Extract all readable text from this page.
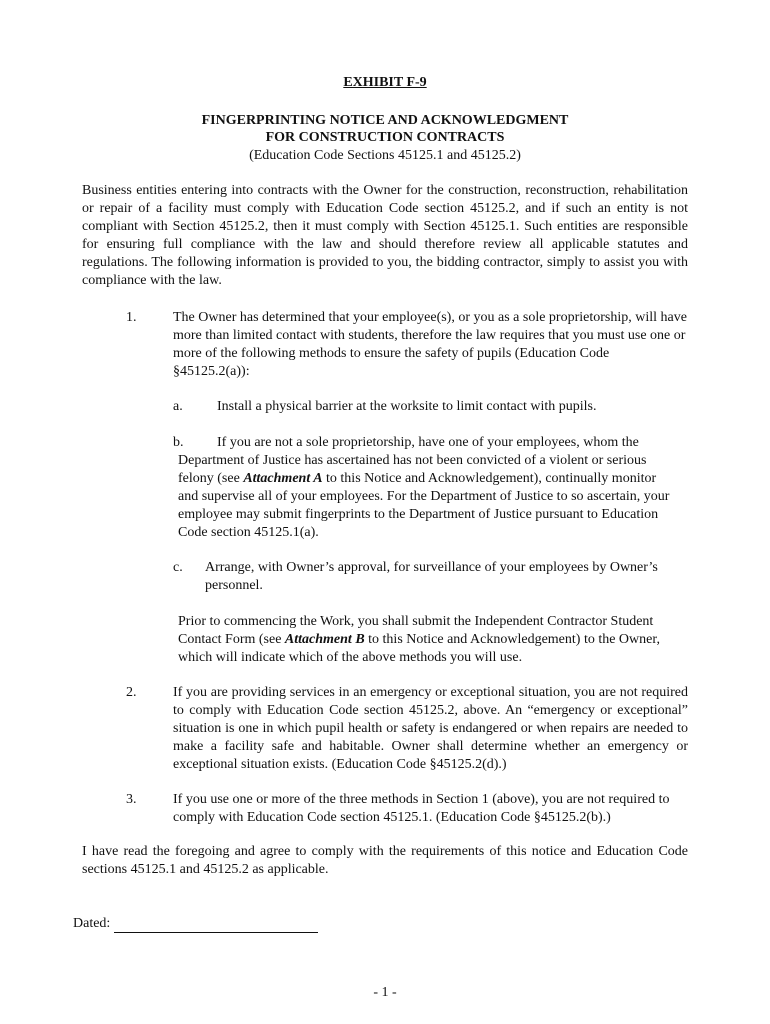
EXHIBIT F-9
FINGERPRINTING NOTICE AND ACKNOWLEDGMENT
FOR CONSTRUCTION CONTRACTS
(Education Code Sections 45125.1 and 45125.2)
Business entities entering into contracts with the Owner for the construction, reconstruction, rehabilitation or repair of a facility must comply with Education Code section 45125.2, and if such an entity is not compliant with Section 45125.2, then it must comply with Section 45125.1. Such entities are responsible for ensuring full compliance with the law and should therefore review all applicable statutes and regulations. The following information is provided to you, the bidding contractor, simply to assist you with compliance with the law.
1.	The Owner has determined that your employee(s), or you as a sole proprietorship, will have more than limited contact with students, therefore the law requires that you must use one or more of the following methods to ensure the safety of pupils (Education Code §45125.2(a)):
a. Install a physical barrier at the worksite to limit contact with pupils.
b.	If you are not a sole proprietorship, have one of your employees, whom the Department of Justice has ascertained has not been convicted of a violent or serious felony (see Attachment A to this Notice and Acknowledgement), continually monitor and supervise all of your employees. For the Department of Justice to so ascertain, your employee may submit fingerprints to the Department of Justice pursuant to Education Code section 45125.1(a).
c. Arrange, with Owner’s approval, for surveillance of your employees by Owner’s personnel.
Prior to commencing the Work, you shall submit the Independent Contractor Student Contact Form (see Attachment B to this Notice and Acknowledgement) to the Owner, which will indicate which of the above methods you will use.
2.	If you are providing services in an emergency or exceptional situation, you are not required to comply with Education Code section 45125.2, above. An “emergency or exceptional” situation is one in which pupil health or safety is endangered or when repairs are needed to make a facility safe and habitable. Owner shall determine whether an emergency or exceptional situation exists. (Education Code §45125.2(d).)
3.	If you use one or more of the three methods in Section 1 (above), you are not required to comply with Education Code section 45125.1. (Education Code §45125.2(b).)
I have read the foregoing and agree to comply with the requirements of this notice and Education Code sections 45125.1 and 45125.2 as applicable.
Dated:
- 1 -
